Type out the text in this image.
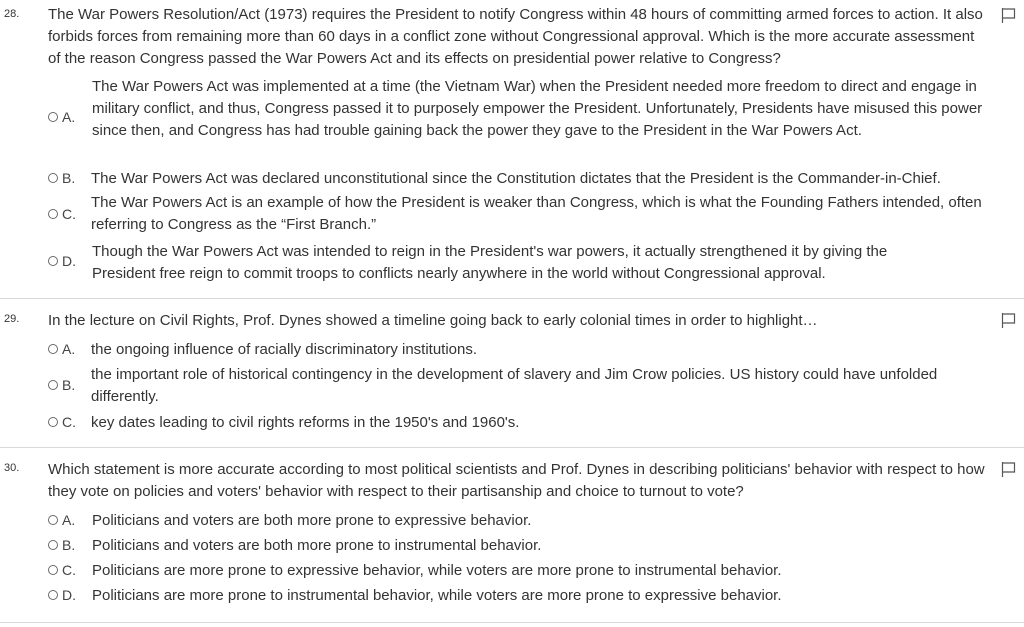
28. The War Powers Resolution/Act (1973) requires the President to notify Congress within 48 hours of committing armed forces to action. It also forbids forces from remaining more than 60 days in a conflict zone without Congressional approval. Which is the more accurate assessment of the reason Congress passed the War Powers Act and its effects on presidential power relative to Congress?
A.
The War Powers Act was implemented at a time (the Vietnam War) when the President needed more freedom to direct and engage in military conflict, and thus, Congress passed it to purposely empower the President. Unfortunately, Presidents have misused this power since then, and Congress has had trouble gaining back the power they gave to the President in the War Powers Act.
B. The War Powers Act was declared unconstitutional since the Constitution dictates that the President is the Commander-in-Chief.
C.
The War Powers Act is an example of how the President is weaker than Congress, which is what the Founding Fathers intended, often referring to Congress as the “First Branch.”
D.
Though the War Powers Act was intended to reign in the President's war powers, it actually strengthened it by giving the President free reign to commit troops to conflicts nearly anywhere in the world without Congressional approval.
29. In the lecture on Civil Rights, Prof. Dynes showed a timeline going back to early colonial times in order to highlight…
A. the ongoing influence of racially discriminatory institutions.
B.
the important role of historical contingency in the development of slavery and Jim Crow policies. US history could have unfolded differently.
C. key dates leading to civil rights reforms in the 1950's and 1960's.
30. Which statement is more accurate according to most political scientists and Prof. Dynes in describing politicians' behavior with respect to how they vote on policies and voters' behavior with respect to their partisanship and choice to turnout to vote?
A. Politicians and voters are both more prone to expressive behavior.
B. Politicians and voters are both more prone to instrumental behavior.
C. Politicians are more prone to expressive behavior, while voters are more prone to instrumental behavior.
D. Politicians are more prone to instrumental behavior, while voters are more prone to expressive behavior.
